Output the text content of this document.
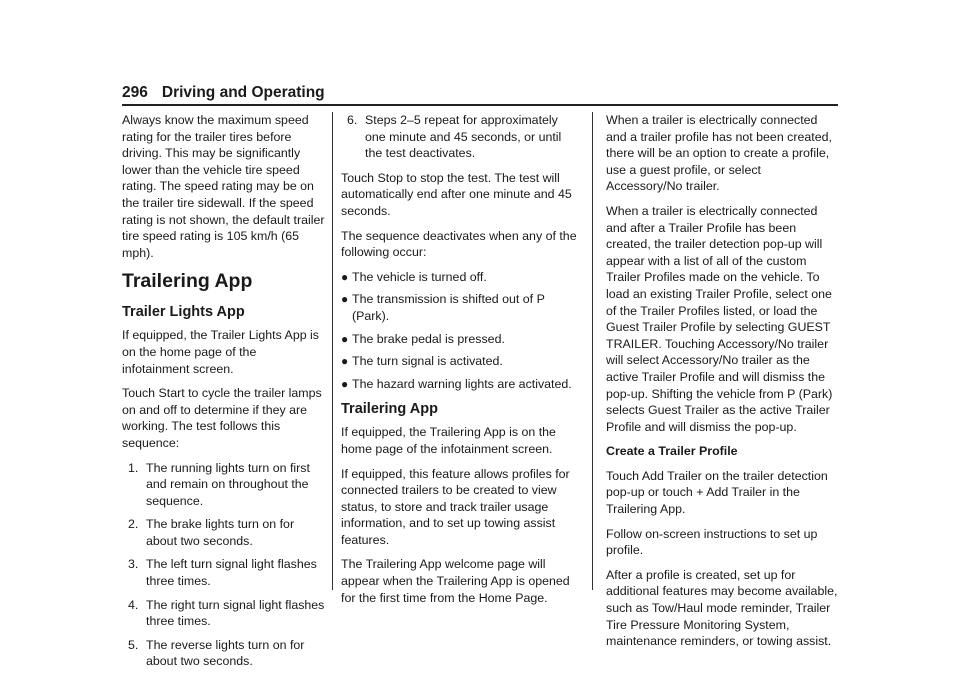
296 Driving and Operating

Always know the maximum speed rating for the trailer tires before driving. This may be significantly lower than the vehicle tire speed rating. The speed rating may be on the trailer tire sidewall. If the speed rating is not shown, the default trailer tire speed rating is 105 km/h (65 mph).

Trailering App
Trailer Lights App

If equipped, the Trailer Lights App is on the home page of the infotainment screen.

Touch Start to cycle the trailer lamps on and off to determine if they are working. The test follows this sequence:

1. The running lights turn on first and remain on throughout the sequence.
2. The brake lights turn on for about two seconds.
3. The left turn signal light flashes three times.
4. The right turn signal light flashes three times.
5. The reverse lights turn on for about two seconds.
6. Steps 2–5 repeat for approximately one minute and 45 seconds, or until the test deactivates.

Touch Stop to stop the test. The test will automatically end after one minute and 45 seconds.

The sequence deactivates when any of the following occur:

● The vehicle is turned off.
● The transmission is shifted out of P (Park).
● The brake pedal is pressed.
● The turn signal is activated.
● The hazard warning lights are activated.
Trailering App

If equipped, the Trailering App is on the home page of the infotainment screen.

If equipped, this feature allows profiles for connected trailers to be created to view status, to store and track trailer usage information, and to set up towing assist features.

The Trailering App welcome page will appear when the Trailering App is opened for the first time from the Home Page.

When a trailer is electrically connected and a trailer profile has not been created, there will be an option to create a profile, use a guest profile, or select Accessory/No trailer.

When a trailer is electrically connected and after a Trailer Profile has been created, the trailer detection pop-up will appear with a list of all of the custom Trailer Profiles made on the vehicle. To load an existing Trailer Profile, select one of the Trailer Profiles listed, or load the Guest Trailer Profile by selecting GUEST TRAILER. Touching Accessory/No trailer will select Accessory/No trailer as the active Trailer Profile and will dismiss the pop-up. Shifting the vehicle from P (Park) selects Guest Trailer as the active Trailer Profile and will dismiss the pop-up.

Create a Trailer Profile

Touch Add Trailer on the trailer detection pop-up or touch + Add Trailer in the Trailering App.

Follow on-screen instructions to set up profile.

After a profile is created, set up for additional features may become available, such as Tow/Haul mode reminder, Trailer Tire Pressure Monitoring System, maintenance reminders, or towing assist.
